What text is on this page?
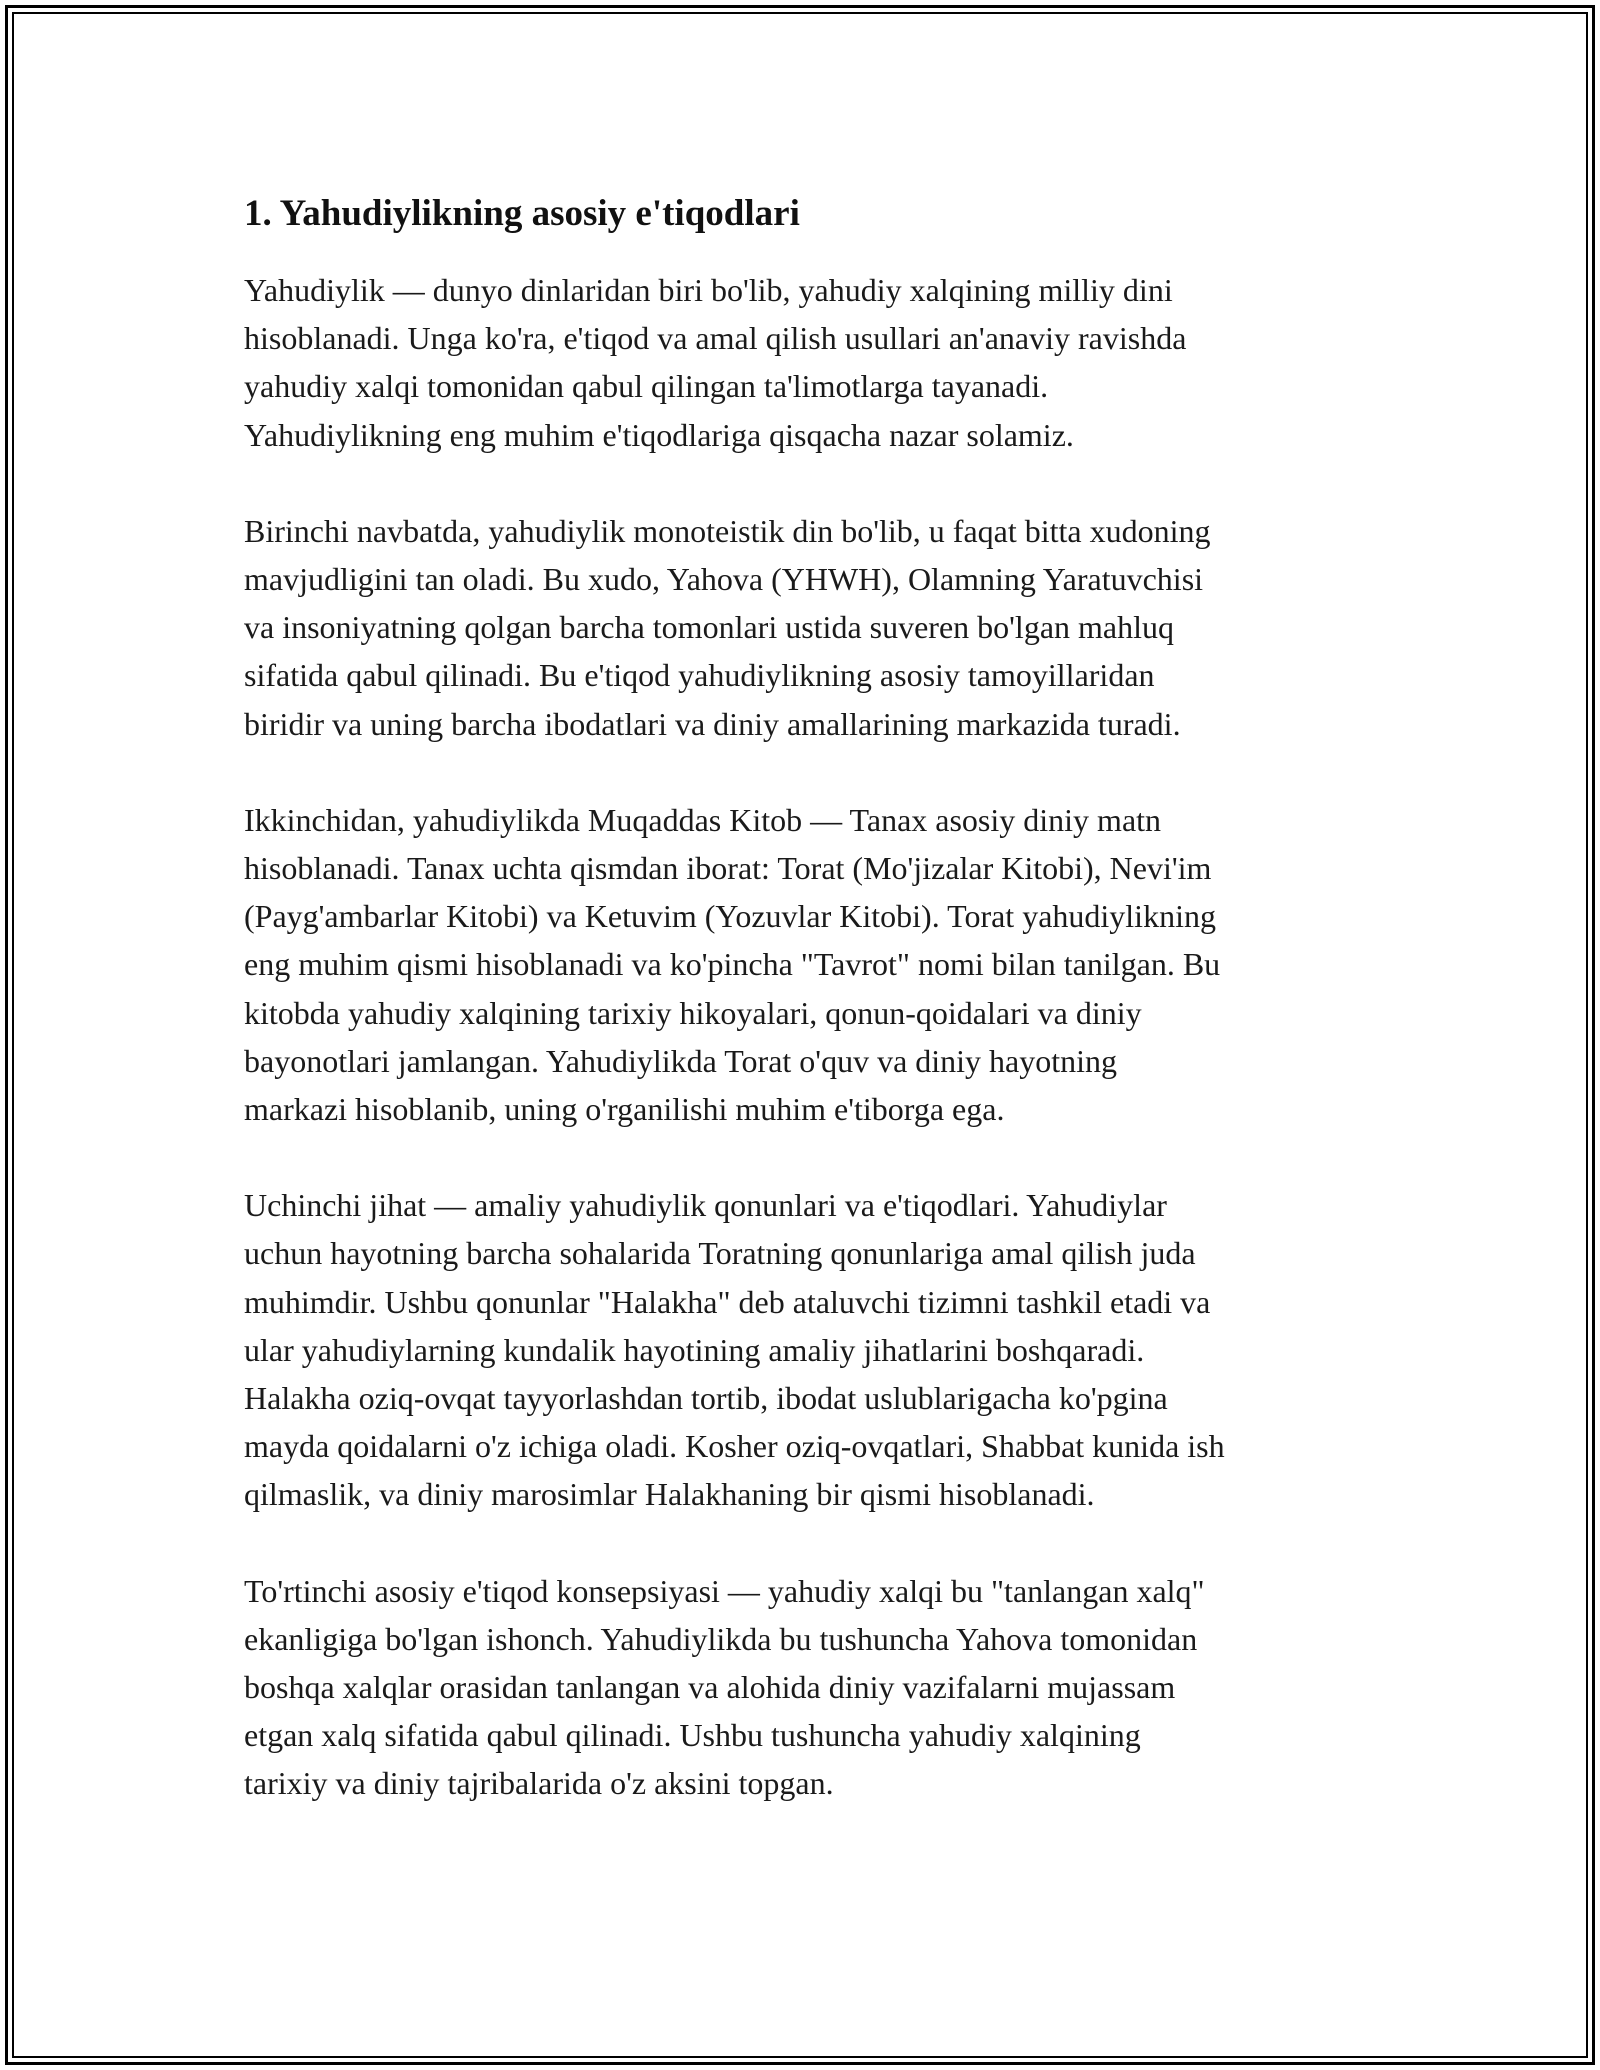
1. Yahudiylikning asosiy e'tiqodlari

Yahudiylik — dunyo dinlaridan biri bo'lib, yahudiy xalqining milliy dini
hisoblanadi. Unga ko'ra, e'tiqod va amal qilish usullari an'anaviy ravishda
yahudiy xalqi tomonidan qabul qilingan ta'limotlarga tayanadi.
Yahudiylikning eng muhim e'tiqodlariga qisqacha nazar solamiz.

Birinchi navbatda, yahudiylik monoteistik din bo'lib, u faqat bitta xudoning
mavjudligini tan oladi. Bu xudo, Yahova (YHWH), Olamning Yaratuvchisi
va insoniyatning qolgan barcha tomonlari ustida suveren bo'lgan mahluq
sifatida qabul qilinadi. Bu e'tiqod yahudiylikning asosiy tamoyillaridan
biridir va uning barcha ibodatlari va diniy amallarining markazida turadi.

Ikkinchidan, yahudiylikda Muqaddas Kitob — Tanax asosiy diniy matn
hisoblanadi. Tanax uchta qismdan iborat: Torat (Mo'jizalar Kitobi), Nevi'im
(Payg'ambarlar Kitobi) va Ketuvim (Yozuvlar Kitobi). Torat yahudiylikning
eng muhim qismi hisoblanadi va ko'pincha "Tavrot" nomi bilan tanilgan. Bu
kitobda yahudiy xalqining tarixiy hikoyalari, qonun-qoidalari va diniy
bayonotlari jamlangan. Yahudiylikda Torat o'quv va diniy hayotning
markazi hisoblanib, uning o'rganilishi muhim e'tiborga ega.

Uchinchi jihat — amaliy yahudiylik qonunlari va e'tiqodlari. Yahudiylar
uchun hayotning barcha sohalarida Toratning qonunlariga amal qilish juda
muhimdir. Ushbu qonunlar "Halakha" deb ataluvchi tizimni tashkil etadi va
ular yahudiylarning kundalik hayotining amaliy jihatlarini boshqaradi.
Halakha oziq-ovqat tayyorlashdan tortib, ibodat uslublarigacha ko'pgina
mayda qoidalarni o'z ichiga oladi. Kosher oziq-ovqatlari, Shabbat kunida ish
qilmaslik, va diniy marosimlar Halakhaning bir qismi hisoblanadi.

To'rtinchi asosiy e'tiqod konsepsiyasi — yahudiy xalqi bu "tanlangan xalq"
ekanligiga bo'lgan ishonch. Yahudiylikda bu tushuncha Yahova tomonidan
boshqa xalqlar orasidan tanlangan va alohida diniy vazifalarni mujassam
etgan xalq sifatida qabul qilinadi. Ushbu tushuncha yahudiy xalqining
tarixiy va diniy tajribalarida o'z aksini topgan.
